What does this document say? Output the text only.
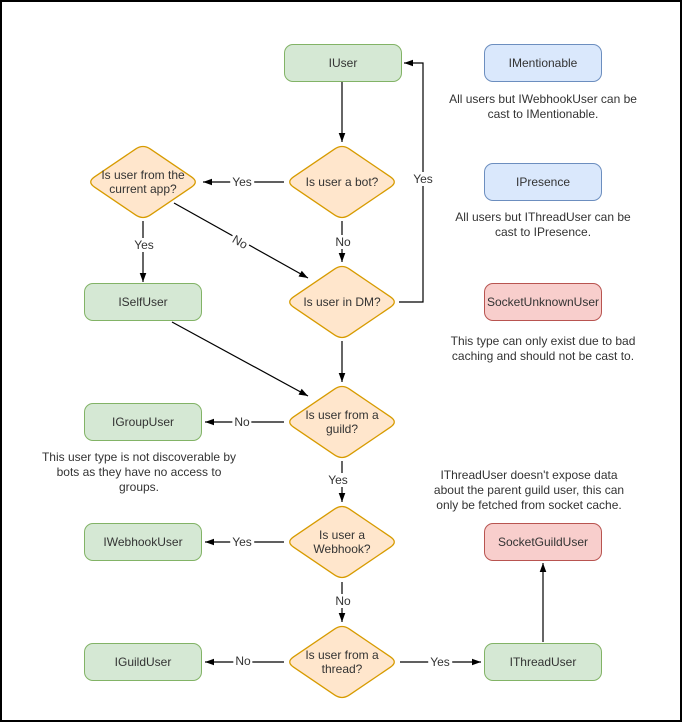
IUser	IMentionable
IPresence
SocketUnknownUser
ISelfUser
IGroupUser
IWebhookUser
IGuildUser
SocketGuildUser
IThreadUser
Is user a bot?
Is user from the
current app?
Is user in DM?
Is user from a
guild?
Is user a
Webhook?
Is user from a
thread?
All users but IWebhookUser can be
cast to IMentionable.
All users but IThreadUser can be
cast to IPresence.
This type can only exist due to bad
caching and should not be cast to.
This user type is not discoverable by
bots as they have no access to
groups.
IThreadUser doesn't expose data
about the parent guild user, this can
only be fetched from socket cache.
Yes
No
Yes	No
Yes
No
Yes
Yes
No
No	Yes
